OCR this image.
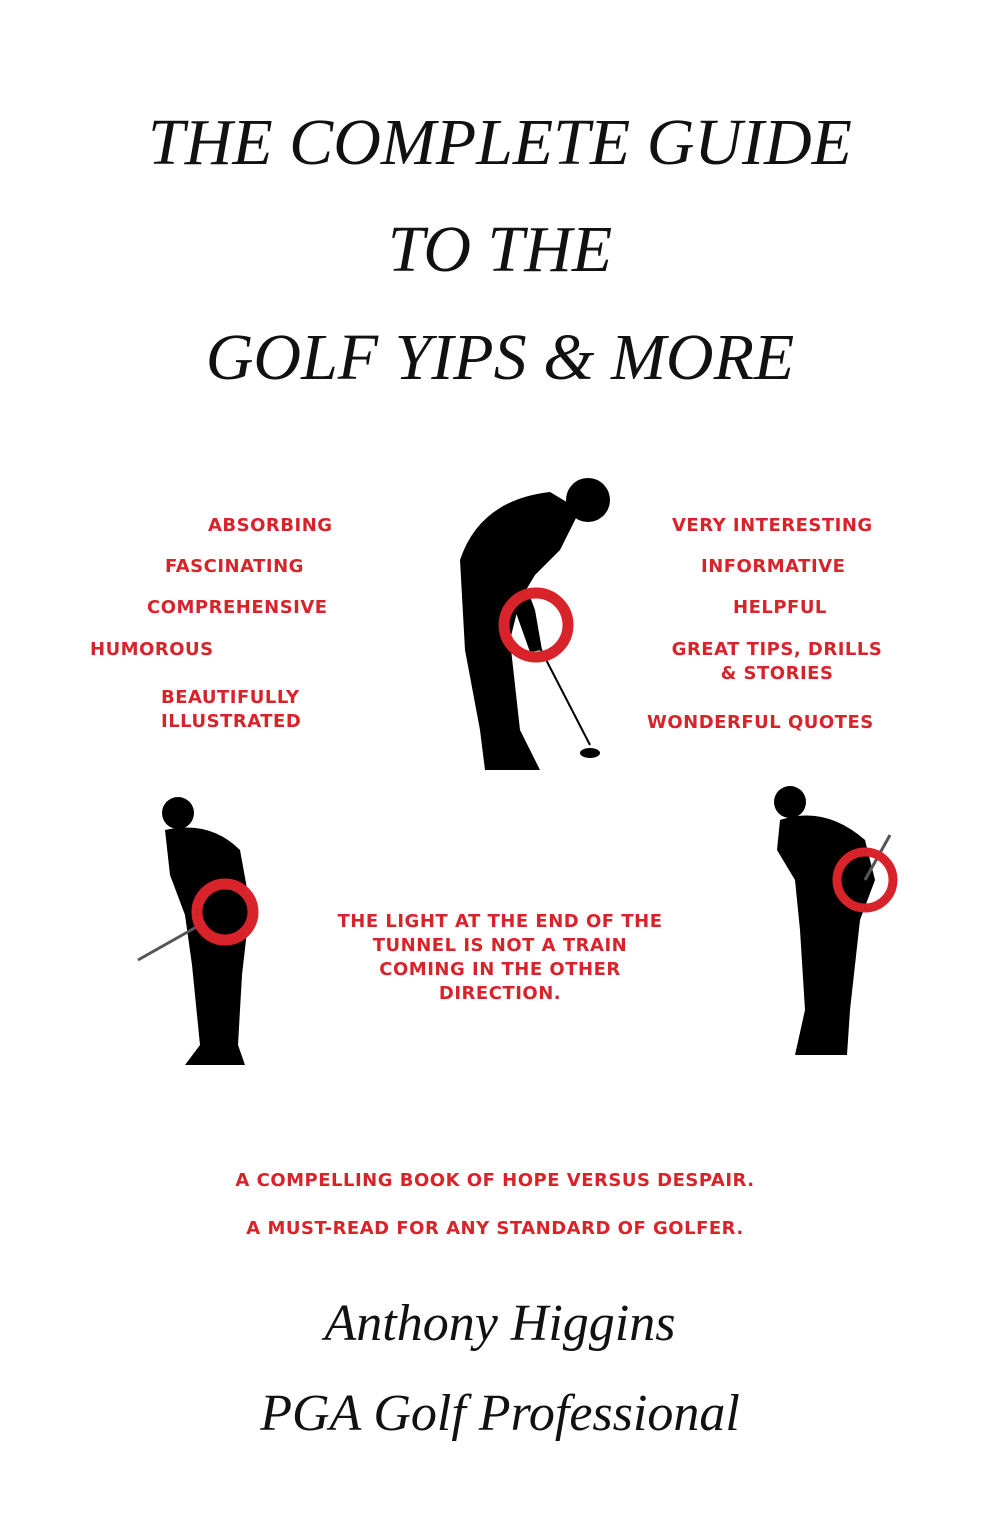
THE COMPLETE GUIDE
TO THE
GOLF YIPS & MORE
ABSORBING
FASCINATING
COMPREHENSIVE
HUMOROUS
BEAUTIFULLY
ILLUSTRATED
VERY INTERESTING
INFORMATIVE
HELPFUL
GREAT TIPS, DRILLS
& STORIES
WONDERFUL QUOTES
THE LIGHT AT THE END OF THE
TUNNEL IS NOT A TRAIN
COMING IN THE OTHER
DIRECTION.
A COMPELLING BOOK OF HOPE VERSUS DESPAIR.
A MUST-READ FOR ANY STANDARD OF GOLFER.
Anthony Higgins
PGA Golf Professional
